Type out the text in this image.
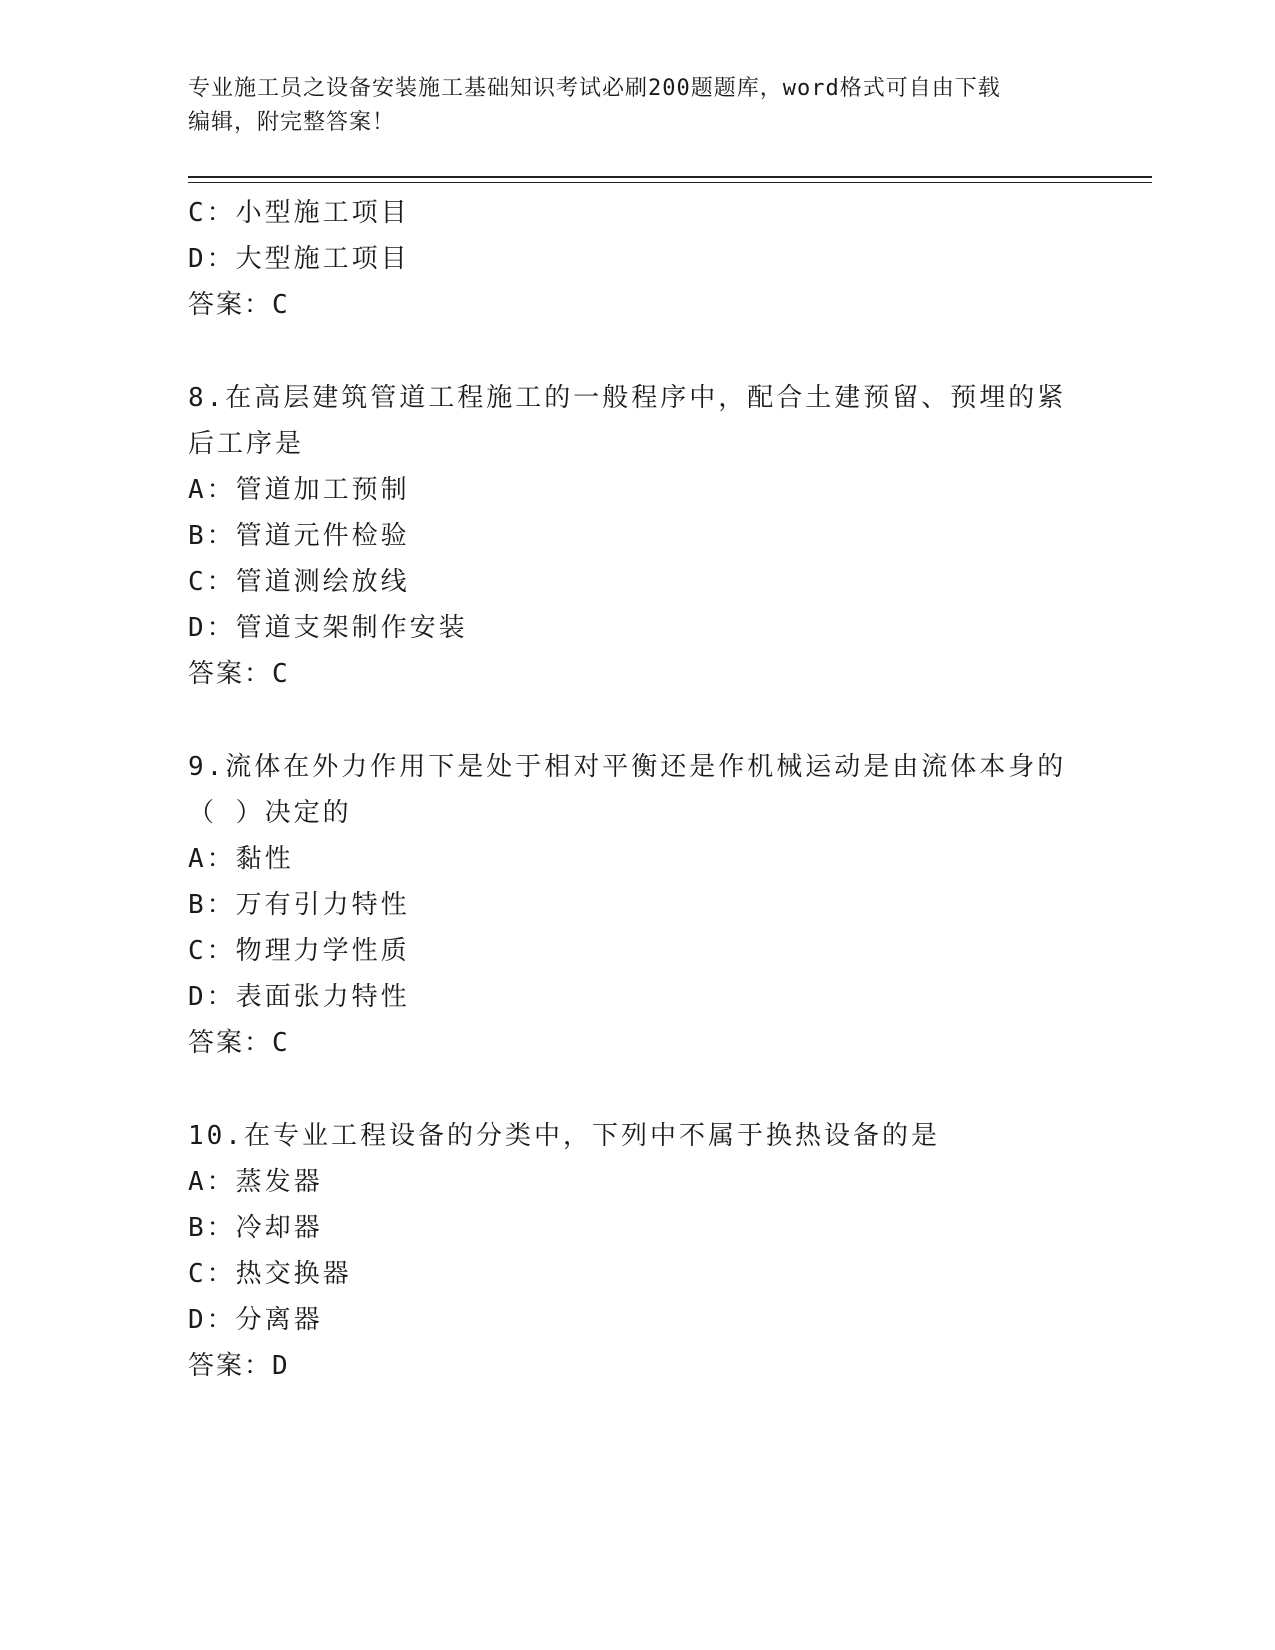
专业施工员之设备安装施工基础知识考试必刷200题题库，word格式可自由下载

编辑，附完整答案！

C：小型施工项目
D：大型施工项目
答案：C
8.在高层建筑管道工程施工的一般程序中，配合土建预留、预埋的紧
后工序是
A：管道加工预制
B：管道元件检验
C：管道测绘放线
D：管道支架制作安装
答案：C
9.流体在外力作用下是处于相对平衡还是作机械运动是由流体本身的
（ ）决定的
A：黏性
B：万有引力特性
C：物理力学性质
D：表面张力特性
答案：C
10.在专业工程设备的分类中，下列中不属于换热设备的是
A：蒸发器
B：冷却器
C：热交换器
D：分离器
答案：D
